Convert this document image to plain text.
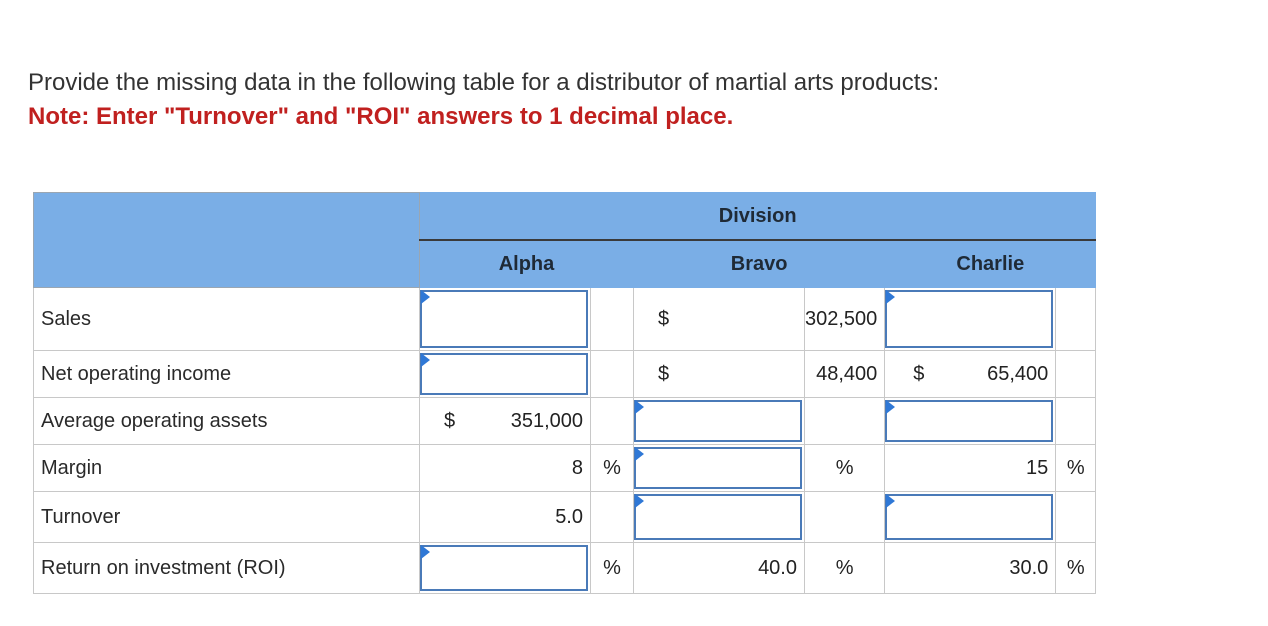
Provide the missing data in the following table for a distributor of martial arts products:
Note: Enter "Turnover" and "ROI" answers to 1 decimal place.
	Division					
	Alpha		Bravo		Charlie	
Sales			$	302,500	

Net operating income			$	48,400	$ 65,400	

Average operating assets	$ 351,000					

Margin	8	%		%	15	%
Turnover	5.0		

Return on investment (ROI)		%	40.0	%	30.0	%
